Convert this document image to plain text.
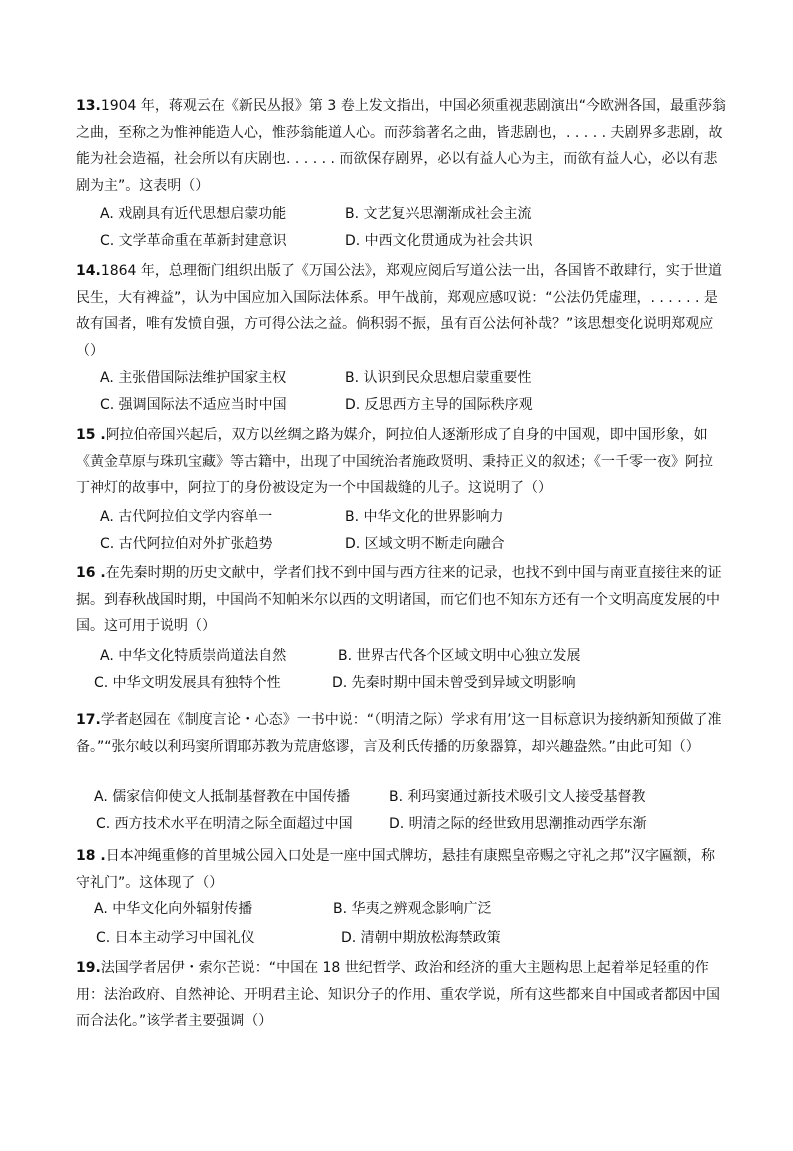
13.1904 年，蒋观云在《新民丛报》第 3 卷上发文指出，中国必须重视悲剧演出“今欧洲各国，最重莎翁之曲，至称之为惟神能造人心，惟莎翁能道人心。而莎翁著名之曲，皆悲剧也，. . . . . 夫剧界多悲剧，故能为社会造福，社会所以有庆剧也. . . . . . 而欲保存剧界，必以有益人心为主，而欲有益人心，必以有悲剧为主”。这表明（）
A. 戏剧具有近代思想启蒙功能	B. 文艺复兴思潮渐成社会主流
C. 文学革命重在革新封建意识	D. 中西文化贯通成为社会共识
14.1864 年，总理衙门组织出版了《万国公法》，郑观应阅后写道公法一出，各国皆不敢肆行，实于世道民生，大有裨益”，认为中国应加入国际法体系。甲午战前，郑观应感叹说：“公法仍凭虚理，. . . . . . 是故有国者，唯有发愤自强，方可得公法之益。倘积弱不振，虽有百公法何补哉？”该思想变化说明郑观应（）
A. 主张借国际法维护国家主权	B. 认识到民众思想启蒙重要性
C. 强调国际法不适应当时中国	D. 反思西方主导的国际秩序观
15 .阿拉伯帝国兴起后，双方以丝绸之路为媒介，阿拉伯人逐渐形成了自身的中国观，即中国形象，如《黄金草原与珠玑宝藏》等古籍中，出现了中国统治者施政贤明、秉持正义的叙述；《一千零一夜》阿拉丁神灯的故事中，阿拉丁的身份被设定为一个中国裁缝的儿子。这说明了（）
A. 古代阿拉伯文学内容单一	B. 中华文化的世界影响力
C. 古代阿拉伯对外扩张趋势	D. 区域文明不断走向融合
16 .在先秦时期的历史文献中，学者们找不到中国与西方往来的记录，也找不到中国与南亚直接往来的证据。到春秋战国时期，中国尚不知帕米尔以西的文明诸国，而它们也不知东方还有一个文明高度发展的中国。这可用于说明（）
A. 中华文化特质崇尚道法自然	B. 世界古代各个区域文明中心独立发展
C. 中华文明发展具有独特个性	D. 先秦时期中国未曾受到异域文明影响
17.学者赵园在《制度言论・心态》一书中说：“（明清之际）学求有用’这一目标意识为接纳新知预做了准备。”“张尔岐以利玛窦所谓耶苏教为荒唐悠谬，言及利氏传播的历象器算，却兴趣盎然。”由此可知（）
A. 儒家信仰使文人抵制基督教在中国传播	B. 利玛窦通过新技术吸引文人接受基督教
C. 西方技术水平在明清之际全面超过中国	D. 明清之际的经世致用思潮推动西学东渐
18 .日本冲绳重修的首里城公园入口处是一座中国式牌坊，悬挂有康熙皇帝赐之守礼之邦”汉字匾额，称守礼门”。这体现了（）
A. 中华文化向外辐射传播	B. 华夷之辨观念影响广泛
C. 日本主动学习中国礼仪	D. 清朝中期放松海禁政策
19.法国学者居伊・索尔芒说：“中国在 18 世纪哲学、政治和经济的重大主题构思上起着举足轻重的作用：法治政府、自然神论、开明君主论、知识分子的作用、重农学说，所有这些都来自中国或者都因中国而合法化。”该学者主要强调（）
